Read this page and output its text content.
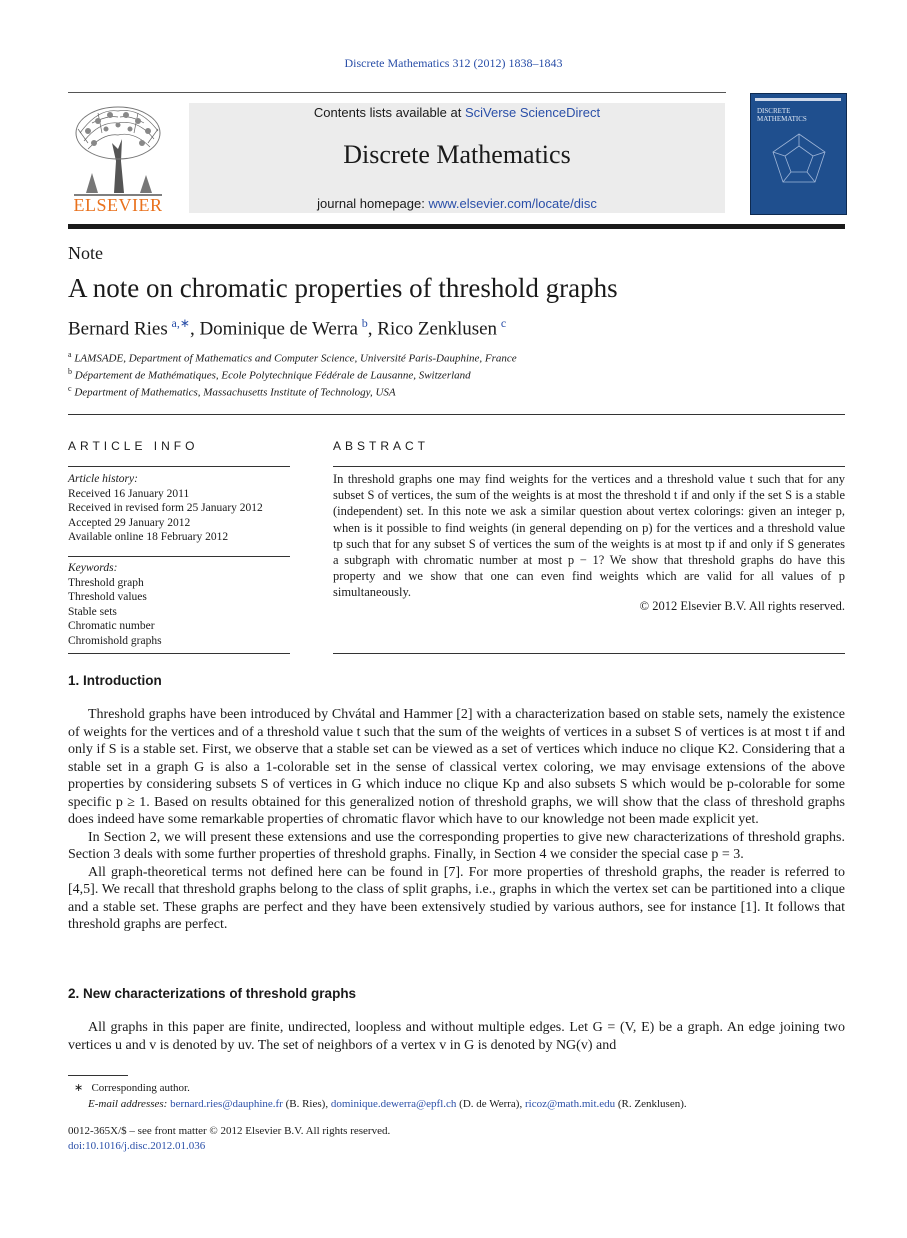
Discrete Mathematics 312 (2012) 1838–1843
ELSEVIER
Contents lists available at SciVerse ScienceDirect
Discrete Mathematics
journal homepage: www.elsevier.com/locate/disc
DISCRETE MATHEMATICS
Note
A note on chromatic properties of threshold graphs
Bernard Ries  $^{a,∗}$, Dominique de Werra  $^b$, Rico Zenklusen  $^c$
$^a$ LAMSADE, Department of Mathematics and Computer Science, Université Paris-Dauphine, France
$^b$ Département de Mathématiques, Ecole Polytechnique Fédérale de Lausanne, Switzerland
$^c$ Department of Mathematics, Massachusetts Institute of Technology, USA
ARTICLE INFO
Article history:
Received 16 January 2011
Received in revised form 25 January 2012
Accepted 29 January 2012
Available online 18 February 2012
Keywords:
Threshold graph
Threshold values
Stable sets
Chromatic number
Chromishold graphs
ABSTRACT
In threshold graphs one may find weights for the vertices and a threshold value t such that for any subset S of vertices, the sum of the weights is at most the threshold t if and only if the set S is a stable (independent) set. In this note we ask a similar question about vertex colorings: given an integer p, when is it possible to find weights (in general depending on p) for the vertices and a threshold value tp such that for any subset S of vertices the sum of the weights is at most tp if and only if S generates a subgraph with chromatic number at most p − 1? We show that threshold graphs do have this property and we show that one can even find weights which are valid for all values of p simultaneously.
© 2012 Elsevier B.V. All rights reserved.
1. Introduction

Threshold graphs have been introduced by Chvátal and Hammer [2] with a characterization based on stable sets, namely the existence of weights for the vertices and of a threshold value t such that the sum of the weights of vertices in a subset S of vertices is at most t if and only if S is a stable set. First, we observe that a stable set can be viewed as a set of vertices which induce no clique K2. Considering that a stable set in a graph G is also a 1-colorable set in the sense of classical vertex coloring, we may envisage extensions of the above properties by considering subsets S of vertices in G which induce no clique Kp and also subsets S which would be p-colorable for some specific p ≥ 1. Based on results obtained for this generalized notion of threshold graphs, we will show that the class of threshold graphs does indeed have some remarkable properties of chromatic flavor which have to our knowledge not been made explicit yet.

In Section 2, we will present these extensions and use the corresponding properties to give new characterizations of threshold graphs. Section 3 deals with some further properties of threshold graphs. Finally, in Section 4 we consider the special case p = 3.

All graph-theoretical terms not defined here can be found in [7]. For more properties of threshold graphs, the reader is referred to [4,5]. We recall that threshold graphs belong to the class of split graphs, i.e., graphs in which the vertex set can be partitioned into a clique and a stable set. These graphs are perfect and they have been extensively studied by various authors, see for instance [1]. It follows that threshold graphs are perfect.

2. New characterizations of threshold graphs

All graphs in this paper are finite, undirected, loopless and without multiple edges. Let G = (V, E) be a graph. An edge joining two vertices u and v is denoted by uv. The set of neighbors of a vertex v in G is denoted by NG(v) and

∗ Corresponding author.
E-mail addresses: bernard.ries@dauphine.fr (B. Ries), dominique.dewerra@epfl.ch (D. de Werra), ricoz@math.mit.edu (R. Zenklusen).
0012-365X/$ – see front matter © 2012 Elsevier B.V. All rights reserved.
doi:10.1016/j.disc.2012.01.036
